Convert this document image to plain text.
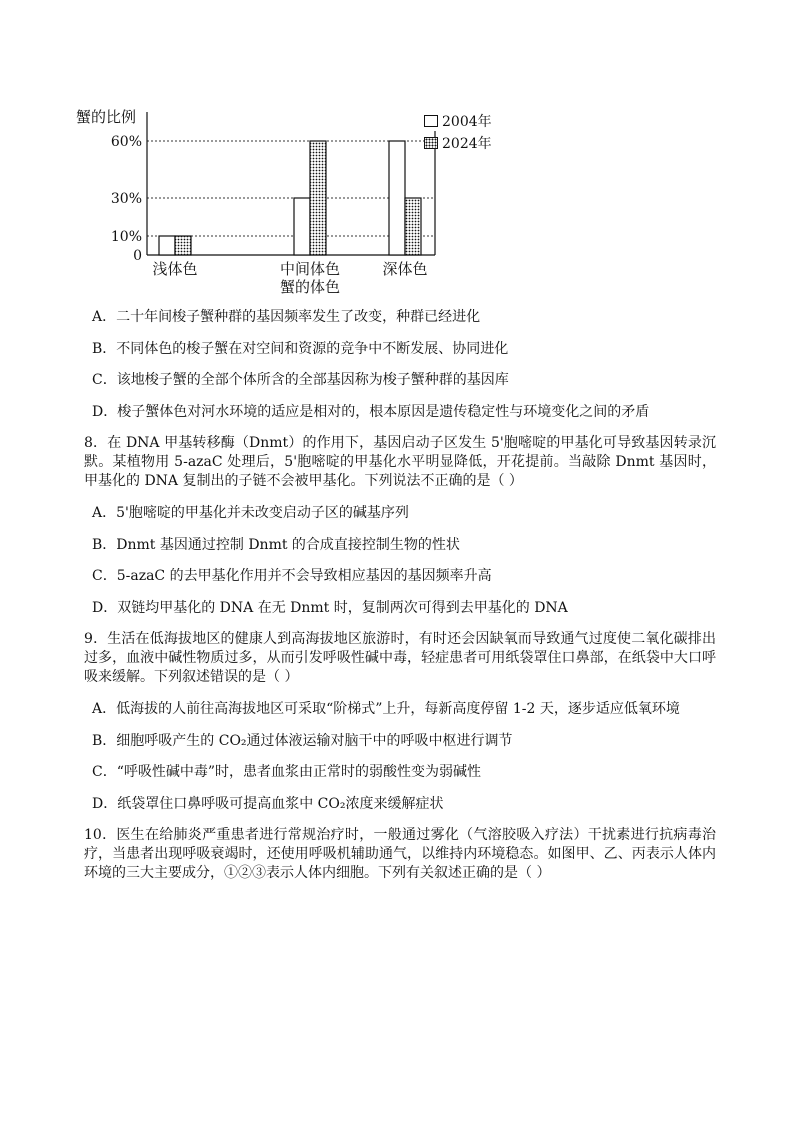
蟹的比例
60%
30%
10%
0
浅体色	中间体色	深体色
蟹的体色
2004年
2024年
A．二十年间梭子蟹种群的基因频率发生了改变，种群已经进化
B．不同体色的梭子蟹在对空间和资源的竞争中不断发展、协同进化
C．该地梭子蟹的全部个体所含的全部基因称为梭子蟹种群的基因库
D．梭子蟹体色对河水环境的适应是相对的，根本原因是遗传稳定性与环境变化之间的矛盾
8．在 DNA 甲基转移酶（Dnmt）的作用下，基因启动子区发生 5'胞嘧啶的甲基化可导致基因转录沉默。某植物用 5-azaC 处理后，5'胞嘧啶的甲基化水平明显降低，开花提前。当敲除 Dnmt 基因时，甲基化的 DNA 复制出的子链不会被甲基化。下列说法不正确的是（ ）
A．5'胞嘧啶的甲基化并未改变启动子区的碱基序列
B．Dnmt 基因通过控制 Dnmt 的合成直接控制生物的性状
C．5-azaC 的去甲基化作用并不会导致相应基因的基因频率升高
D．双链均甲基化的 DNA 在无 Dnmt 时，复制两次可得到去甲基化的 DNA
9．生活在低海拔地区的健康人到高海拔地区旅游时，有时还会因缺氧而导致通气过度使二氧化碳排出过多，血液中碱性物质过多，从而引发呼吸性碱中毒，轻症患者可用纸袋罩住口鼻部，在纸袋中大口呼吸来缓解。下列叙述错误的是（ ）
A．低海拔的人前往高海拔地区可采取“阶梯式”上升，每新高度停留 1-2 天，逐步适应低氧环境
B．细胞呼吸产生的 CO₂通过体液运输对脑干中的呼吸中枢进行调节
C．“呼吸性碱中毒”时，患者血浆由正常时的弱酸性变为弱碱性
D．纸袋罩住口鼻呼吸可提高血浆中 CO₂浓度来缓解症状
10．医生在给肺炎严重患者进行常规治疗时，一般通过雾化（气溶胶吸入疗法）干扰素进行抗病毒治疗，当患者出现呼吸衰竭时，还使用呼吸机辅助通气，以维持内环境稳态。如图甲、乙、丙表示人体内环境的三大主要成分，①②③表示人体内细胞。下列有关叙述正确的是（ ）
